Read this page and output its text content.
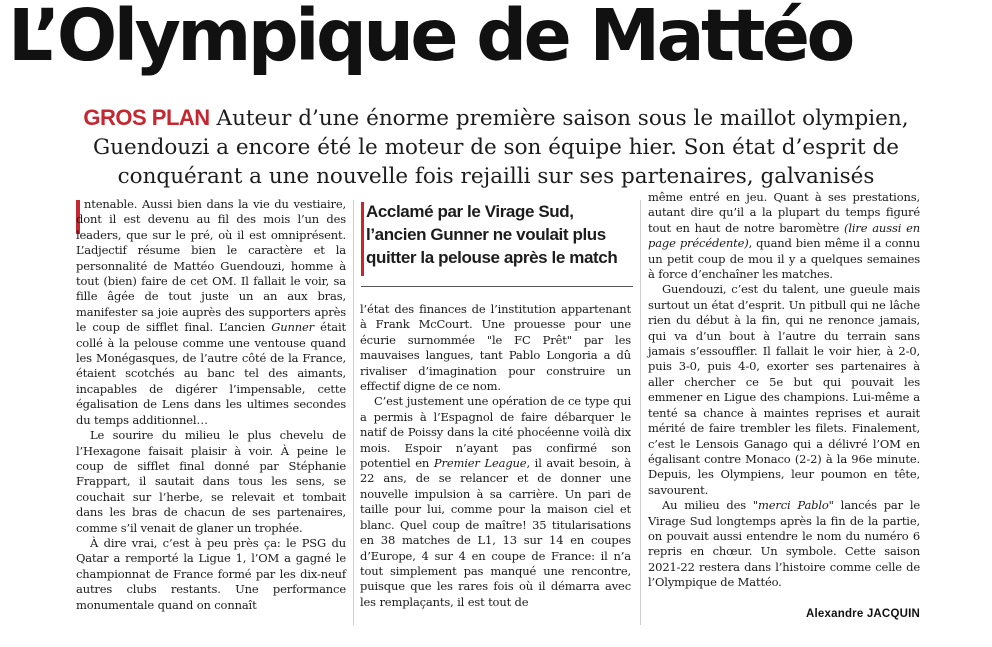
L’Olympique de Mattéo
GROS PLAN Auteur d’une énorme première saison sous le maillot olympien, Guendouzi a encore été le moteur de son équipe hier. Son état d’esprit de conquérant a une nouvelle fois rejailli sur ses partenaires, galvanisés

ntenable. Aussi bien dans la vie du vestiaire, dont il est devenu au fil des mois l’un des leaders, que sur le pré, où il est omniprésent. L’adjectif résume bien le caractère et la personnalité de Mattéo Guendouzi, homme à tout (bien) faire de cet OM. Il fallait le voir, sa fille âgée de tout juste un an aux bras, manifester sa joie auprès des supporters après le coup de sifflet final. L’ancien Gunner était collé à la pelouse comme une ventouse quand les Monégasques, de l’autre côté de la France, étaient scotchés au banc tel des aimants, incapables de digérer l’impensable, cette égalisation de Lens dans les ultimes secondes du temps additionnel…

Le sourire du milieu le plus chevelu de l’Hexagone faisait plaisir à voir. À peine le coup de sifflet final donné par Stéphanie Frappart, il sautait dans tous les sens, se couchait sur l’herbe, se relevait et tombait dans les bras de chacun de ses partenaires, comme s’il venait de glaner un trophée.

À dire vrai, c’est à peu près ça: le PSG du Qatar a remporté la Ligue 1, l’OM a gagné le championnat de France formé par les dix-neuf autres clubs restants. Une performance monumentale quand on connaît

Acclamé par le Virage Sud, l’ancien Gunner ne voulait plus quitter la pelouse après le match

l’état des finances de l’institution appartenant à Frank McCourt. Une prouesse pour une écurie surnommée "le FC Prêt" par les mauvaises langues, tant Pablo Longoria a dû rivaliser d’imagination pour construire un effectif digne de ce nom.

C’est justement une opération de ce type qui a permis à l’Espagnol de faire débarquer le natif de Poissy dans la cité phocéenne voilà dix mois. Espoir n’ayant pas confirmé son potentiel en Premier League, il avait besoin, à 22 ans, de se relancer et de donner une nouvelle impulsion à sa carrière. Un pari de taille pour lui, comme pour la maison ciel et blanc. Quel coup de maître! 35 titularisations en 38 matches de L1, 13 sur 14 en coupes d’Europe, 4 sur 4 en coupe de France: il n’a tout simplement pas manqué une rencontre, puisque que les rares fois où il démarra avec les remplaçants, il est tout de

même entré en jeu. Quant à ses prestations, autant dire qu’il a la plupart du temps figuré tout en haut de notre baromètre (lire aussi en page précédente), quand bien même il a connu un petit coup de mou il y a quelques semaines à force d’enchaîner les matches.

Guendouzi, c’est du talent, une gueule mais surtout un état d’esprit. Un pitbull qui ne lâche rien du début à la fin, qui ne renonce jamais, qui va d’un bout à l’autre du terrain sans jamais s’essouffler. Il fallait le voir hier, à 2-0, puis 3-0, puis 4-0, exorter ses partenaires à aller chercher ce 5e but qui pouvait les emmener en Ligue des champions. Lui-même a tenté sa chance à maintes reprises et aurait mérité de faire trembler les filets. Finalement, c’est le Lensois Ganago qui a délivré l’OM en égalisant contre Monaco (2-2) à la 96e minute. Depuis, les Olympiens, leur poumon en tête, savourent.

Au milieu des "merci Pablo" lancés par le Virage Sud longtemps après la fin de la partie, on pouvait aussi entendre le nom du numéro 6 repris en chœur. Un symbole. Cette saison 2021-22 restera dans l’histoire comme celle de l’Olympique de Mattéo.

Alexandre JACQUIN
